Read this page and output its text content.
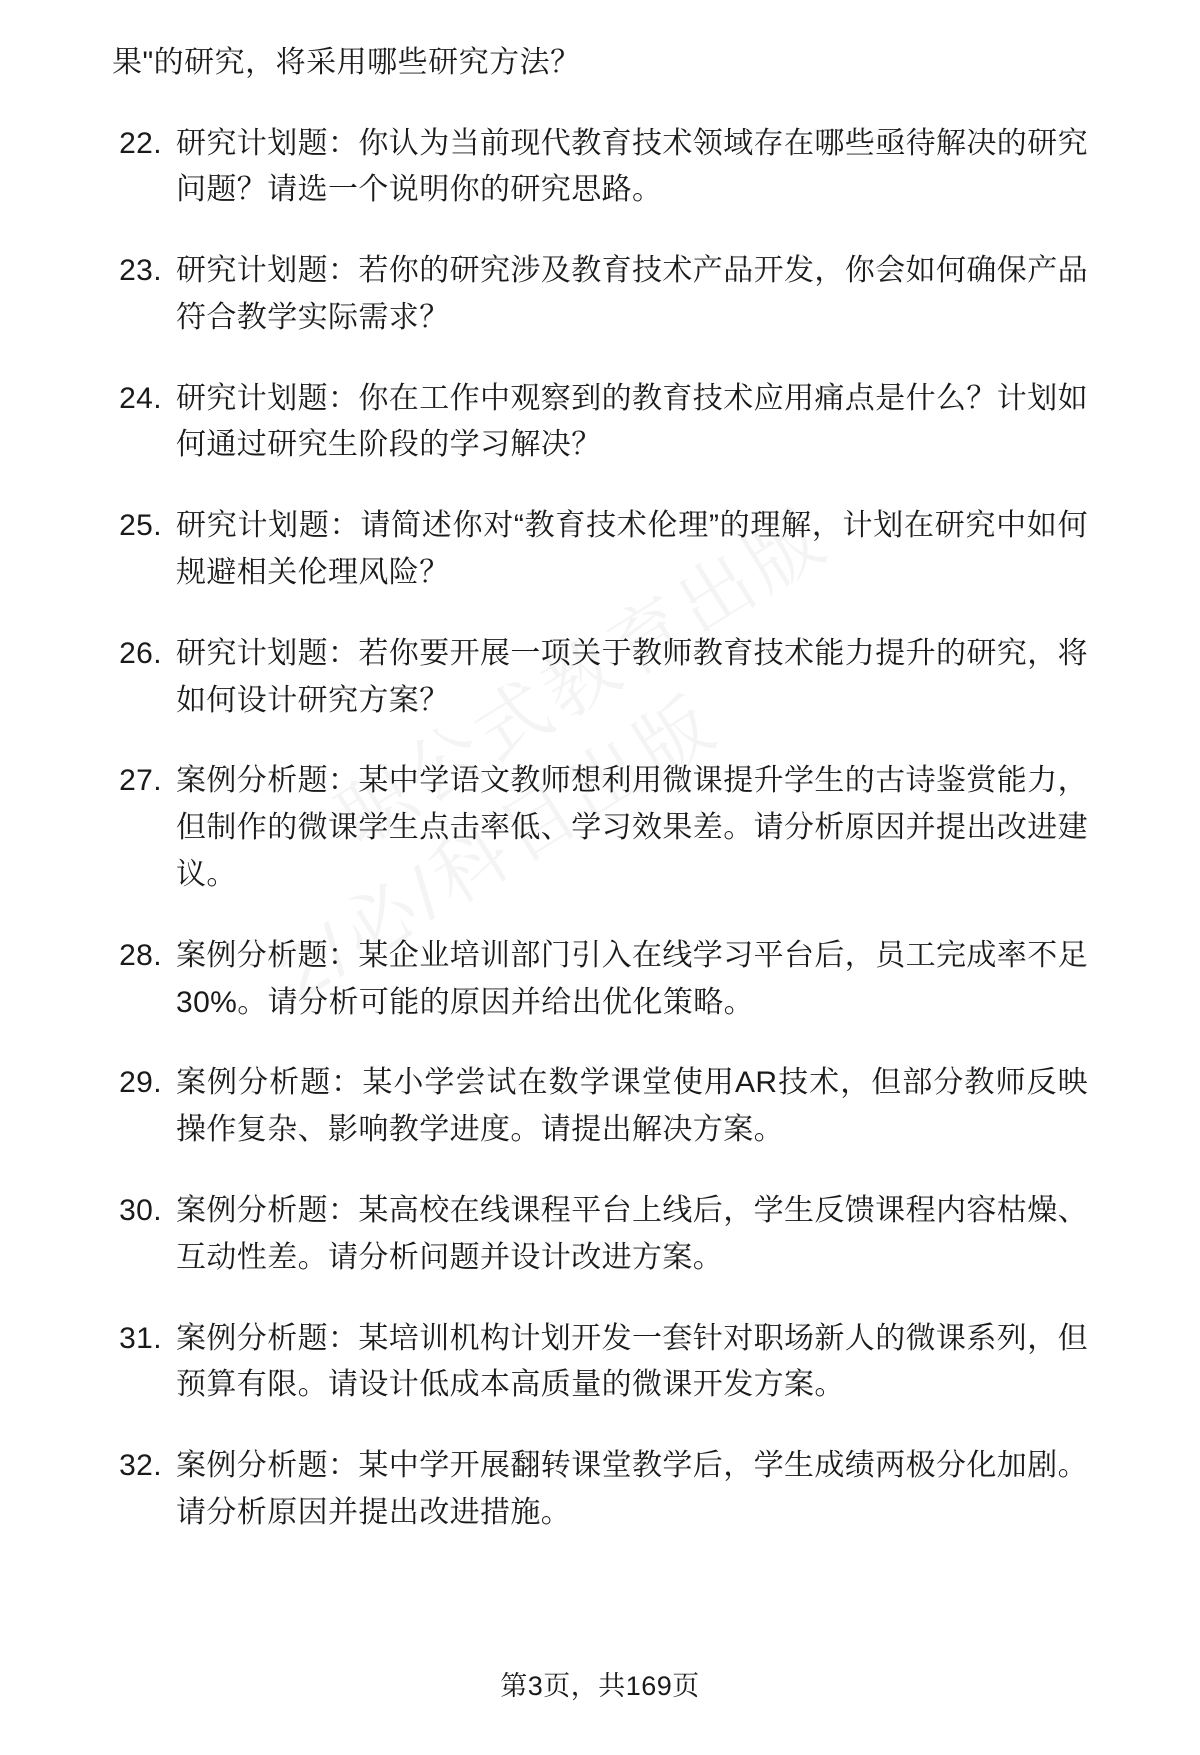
果"的研究，将采用哪些研究方法？

22. 研究计划题：你认为当前现代教育技术领域存在哪些亟待解决的研究问题？请选一个说明你的研究思路。
23. 研究计划题：若你的研究涉及教育技术产品开发，你会如何确保产品符合教学实际需求？
24. 研究计划题：你在工作中观察到的教育技术应用痛点是什么？计划如何通过研究生阶段的学习解决？
25. 研究计划题：请简述你对“教育技术伦理”的理解，计划在研究中如何规避相关伦理风险？
26. 研究计划题：若你要开展一项关于教师教育技术能力提升的研究，将如何设计研究方案？
27. 案例分析题：某中学语文教师想利用微课提升学生的古诗鉴赏能力，但制作的微课学生点击率低、学习效果差。请分析原因并提出改进建议。
28. 案例分析题：某企业培训部门引入在线学习平台后，员工完成率不足30%。请分析可能的原因并给出优化策略。
29. 案例分析题：某小学尝试在数学课堂使用AR技术，但部分教师反映操作复杂、影响教学进度。请提出解决方案。
30. 案例分析题：某高校在线课程平台上线后，学生反馈课程内容枯燥、互动性差。请分析问题并设计改进方案。
31. 案例分析题：某培训机构计划开发一套针对职场新人的微课系列，但预算有限。请设计低成本高质量的微课开发方案。
32. 案例分析题：某中学开展翻转课堂教学后，学生成绩两极分化加剧。请分析原因并提出改进措施。
第3页，共169页
